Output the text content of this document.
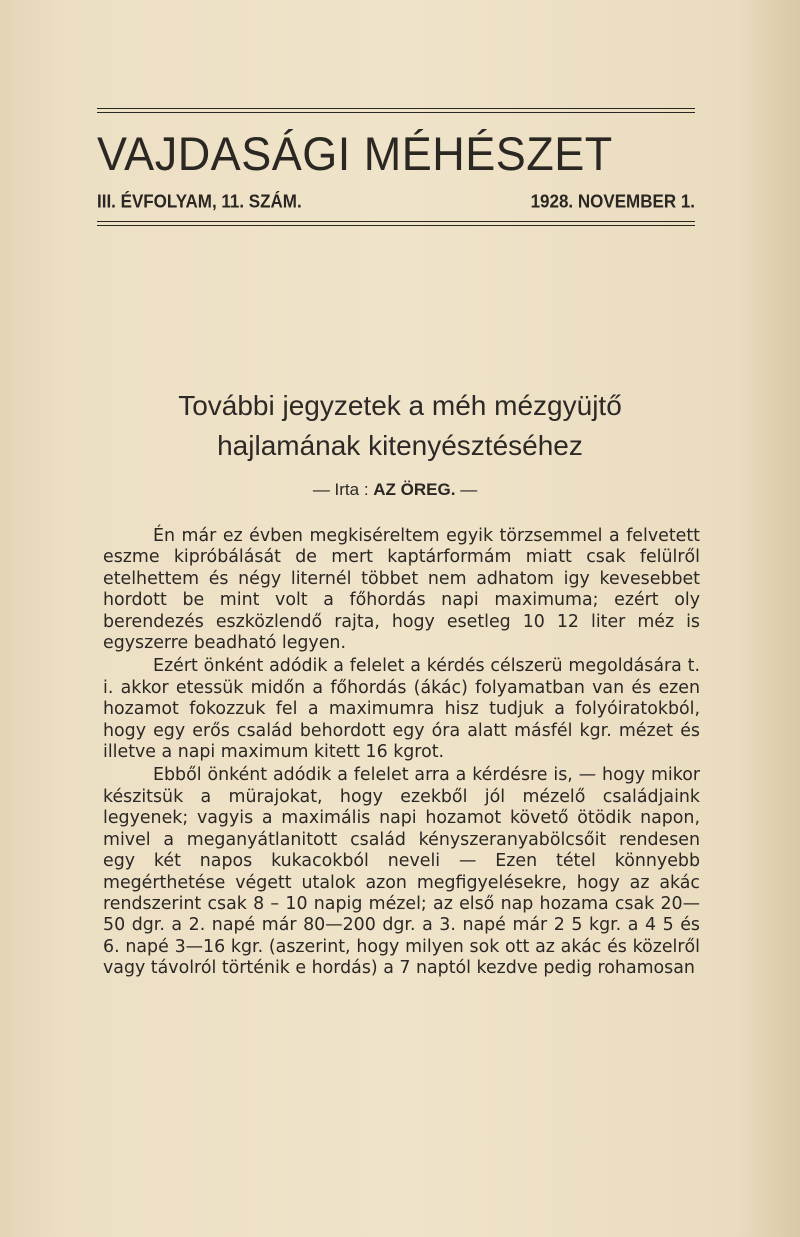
VAJDASÁGI MÉHÉSZET
III. ÉVFOLYAM, 11. SZÁM.	1928. NOVEMBER 1.
További jegyzetek a méh mézgyüjtő
hajlamának kitenyésztéséhez
— Irta : AZ ÖREG. —

Én már ez évben megkiséreltem egyik törzsemmel a felvetett eszme kipróbálását de mert kaptárformám miatt csak felülről etelhettem és négy liternél többet nem adhatom igy kevesebbet hordott be mint volt a főhordás napi maximuma; ezért oly berendezés eszközlendő rajta, hogy esetleg 10 12 liter méz is egyszerre beadható legyen.

Ezért önként adódik a felelet a kérdés célszerü megoldására t. i. akkor etessük midőn a főhordás (ákác) folyamatban van és ezen hozamot fokozzuk fel a maximumra hisz tudjuk a folyóiratokból, hogy egy erős család behordott egy óra alatt másfél kgr. mézet és illetve a napi maximum kitett 16 kgrot.

Ebből önként adódik a felelet arra a kérdésre is, — hogy mikor készitsük a mürajokat, hogy ezekből jól mézelő családjaink legyenek; vagyis a maximális napi hozamot követő ötödik napon, mivel a meganyátlanitott család kényszeranyabölcsőit rendesen egy két napos kukacokból neveli — Ezen tétel könnyebb megérthetése végett utalok azon megfigyelésekre, hogy az akác rendszerint csak 8 – 10 napig mézel; az első nap hozama csak 20—50 dgr. a 2. napé már 80—200 dgr. a 3. napé már 2 5 kgr. a 4 5 és 6. napé 3—16 kgr. (aszerint, hogy milyen sok ott az akác és közelről vagy távolról történik e hordás) a 7 naptól kezdve pedig rohamosan
